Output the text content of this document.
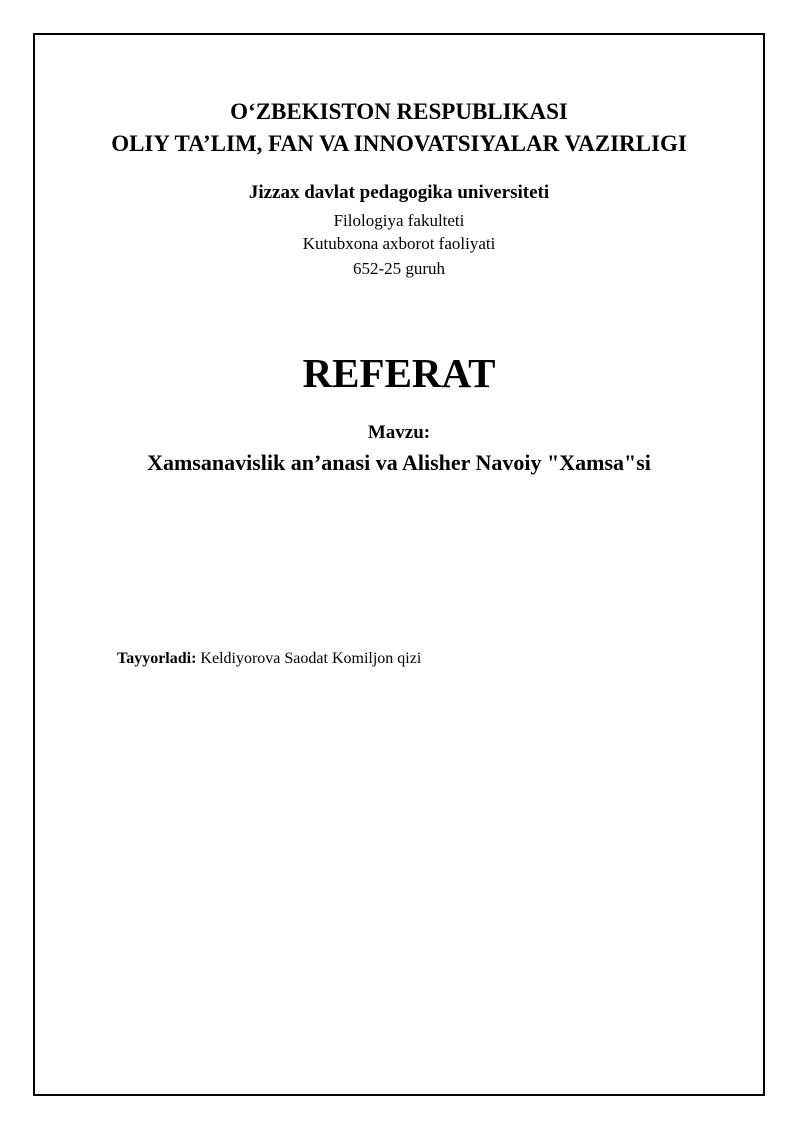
O‘ZBEKISTON RESPUBLIKASI
OLIY TA’LIM, FAN VA INNOVATSIYALAR VAZIRLIGI
Jizzax davlat pedagogika universiteti
Filologiya fakulteti
Kutubxona axborot faoliyati
652-25 guruh
REFERAT
Mavzu:
Xamsanavislik an’anasi va Alisher Navoiy "Xamsa"si
Tayyorladi: Keldiyorova Saodat Komiljon qizi
